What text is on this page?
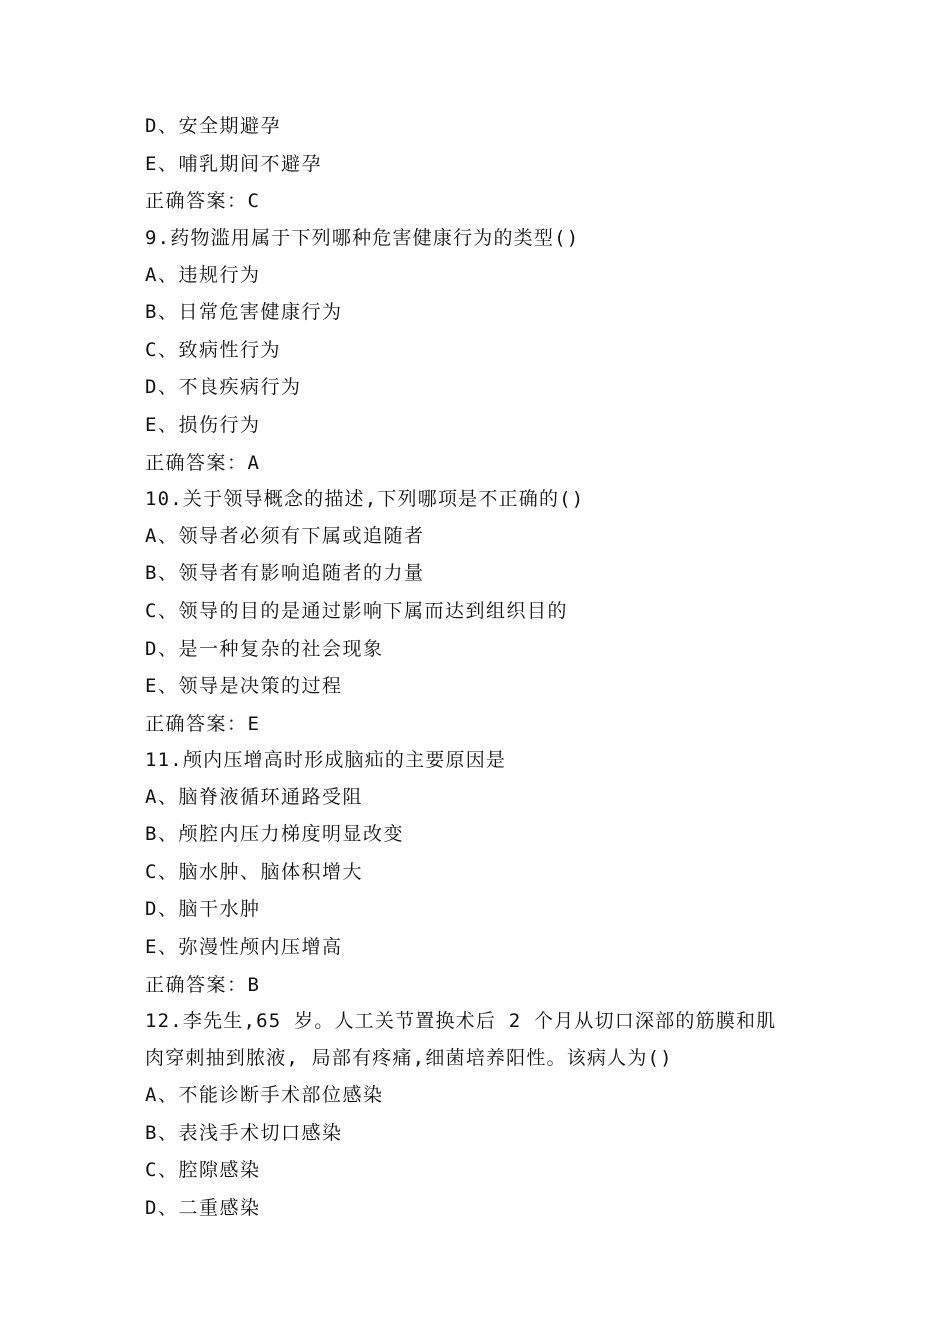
D、安全期避孕
E、哺乳期间不避孕
正确答案：C
9.药物滥用属于下列哪种危害健康行为的类型()
A、违规行为
B、日常危害健康行为
C、致病性行为
D、不良疾病行为
E、损伤行为
正确答案：A
10.关于领导概念的描述,下列哪项是不正确的()
A、领导者必须有下属或追随者
B、领导者有影响追随者的力量
C、领导的目的是通过影响下属而达到组织目的
D、是一种复杂的社会现象
E、领导是决策的过程
正确答案：E
11.颅内压增高时形成脑疝的主要原因是
A、脑脊液循环通路受阻
B、颅腔内压力梯度明显改变
C、脑水肿、脑体积增大
D、脑干水肿
E、弥漫性颅内压增高
正确答案：B
12.李先生,65 岁。人工关节置换术后 2 个月从切口深部的筋膜和肌
肉穿刺抽到脓液, 局部有疼痛,细菌培养阳性。该病人为()
A、不能诊断手术部位感染
B、表浅手术切口感染
C、腔隙感染
D、二重感染
